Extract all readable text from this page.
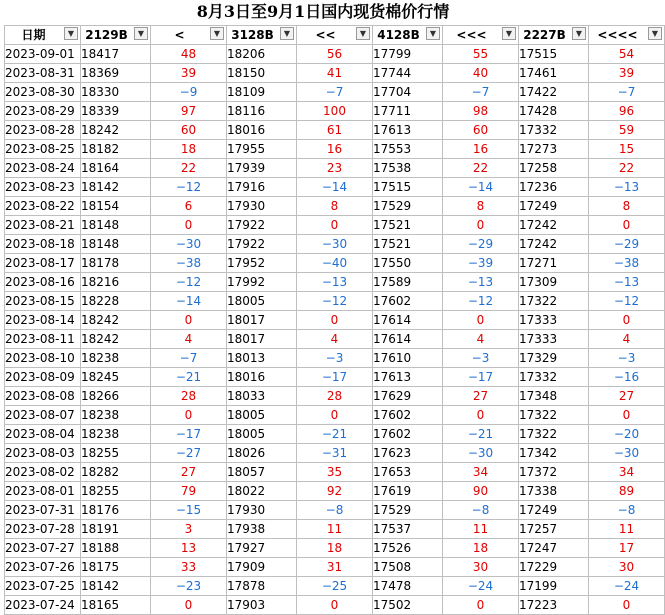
8月3日至9月1日国内现货棉价行情
日期 ▼	2129B ▼	< ▼	3128B ▼	<< ▼	4128B ▼	<<< ▼	2227B ▼	<<<< ▼

2023-09-01	18417	48	18206	56	17799	55	17515	54
2023-08-31	18369	39	18150	41	17744	40	17461	39
2023-08-30	18330	−9	18109	−7	17704	−7	17422	−7
2023-08-29	18339	97	18116	100	17711	98	17428	96
2023-08-28	18242	60	18016	61	17613	60	17332	59
2023-08-25	18182	18	17955	16	17553	16	17273	15
2023-08-24	18164	22	17939	23	17538	22	17258	22
2023-08-23	18142	−12	17916	−14	17515	−14	17236	−13
2023-08-22	18154	6	17930	8	17529	8	17249	8
2023-08-21	18148	0	17922	0	17521	0	17242	0
2023-08-18	18148	−30	17922	−30	17521	−29	17242	−29
2023-08-17	18178	−38	17952	−40	17550	−39	17271	−38
2023-08-16	18216	−12	17992	−13	17589	−13	17309	−13
2023-08-15	18228	−14	18005	−12	17602	−12	17322	−12
2023-08-14	18242	0	18017	0	17614	0	17333	0
2023-08-11	18242	4	18017	4	17614	4	17333	4
2023-08-10	18238	−7	18013	−3	17610	−3	17329	−3
2023-08-09	18245	−21	18016	−17	17613	−17	17332	−16
2023-08-08	18266	28	18033	28	17629	27	17348	27
2023-08-07	18238	0	18005	0	17602	0	17322	0
2023-08-04	18238	−17	18005	−21	17602	−21	17322	−20
2023-08-03	18255	−27	18026	−31	17623	−30	17342	−30
2023-08-02	18282	27	18057	35	17653	34	17372	34
2023-08-01	18255	79	18022	92	17619	90	17338	89
2023-07-31	18176	−15	17930	−8	17529	−8	17249	−8
2023-07-28	18191	3	17938	11	17537	11	17257	11
2023-07-27	18188	13	17927	18	17526	18	17247	17
2023-07-26	18175	33	17909	31	17508	30	17229	30
2023-07-25	18142	−23	17878	−25	17478	−24	17199	−24
2023-07-24	18165	0	17903	0	17502	0	17223	0
